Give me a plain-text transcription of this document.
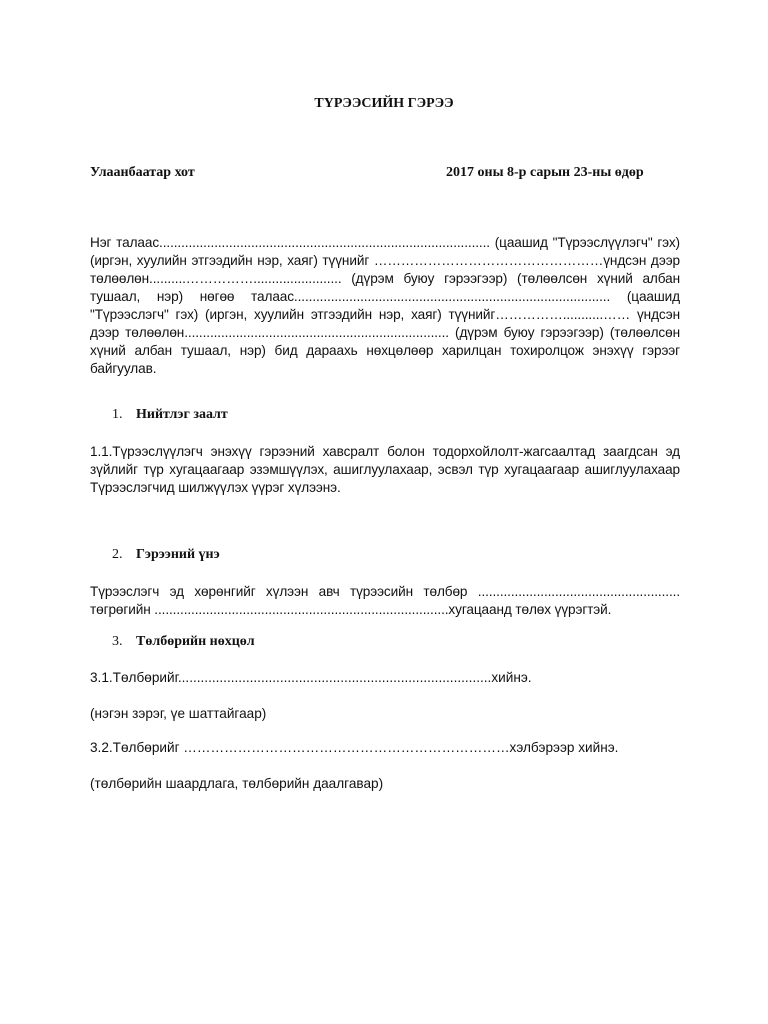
ТҮРЭЭСИЙН ГЭРЭЭ
Улаанбаатар хот	2017 оны 8-р сарын 23-ны өдөр
Нэг талаас.......................................................................................... (цаашид "Түрээслүүлэгч" гэх) (иргэн, хуулийн этгээдийн нэр, хаяг) түүнийг ……………………………………………үндсэн дээр төлөөлөн..........……………........................ (дүрэм буюу гэрээгээр) (төлөөлсөн хүний албан тушаал, нэр) нөгөө талаас...................................................................................... (цаашид "Түрээслэгч" гэх) (иргэн, хуулийн этгээдийн нэр, хаяг) түүнийг……………...........…… үндсэн дээр төлөөлөн........................................................................ (дүрэм буюу гэрээгээр) (төлөөлсөн хүний албан тушаал, нэр) бид дараахь нөхцөлөөр харилцан тохиролцож энэхүү гэрээг байгуулав.
1. Нийтлэг заалт
1.1.Түрээслүүлэгч энэхүү гэрээний хавсралт болон тодорхойлолт-жагсаалтад заагдсан эд зүйлийг түр хугацаагаар эзэмшүүлэх, ашиглуулахаар, эсвэл түр хугацаагаар ашиглуулахаар Түрээслэгчид шилжүүлэх үүрэг хүлээнэ.
2. Гэрээний үнэ
Түрээслэгч эд хөрөнгийг хүлээн авч түрээсийн төлбөр ....................................................... төгрөгийн ................................................................................хугацаанд төлөх үүрэгтэй.
3. Төлбөрийн нөхцөл
3.1.Төлбөрийг...................................................................................хийнэ.
(нэгэн зэрэг, үе шаттайгаар)
3.2.Төлбөрийг ………………………………………………………………хэлбэрээр хийнэ.
(төлбөрийн шаардлага, төлбөрийн даалгавар)
